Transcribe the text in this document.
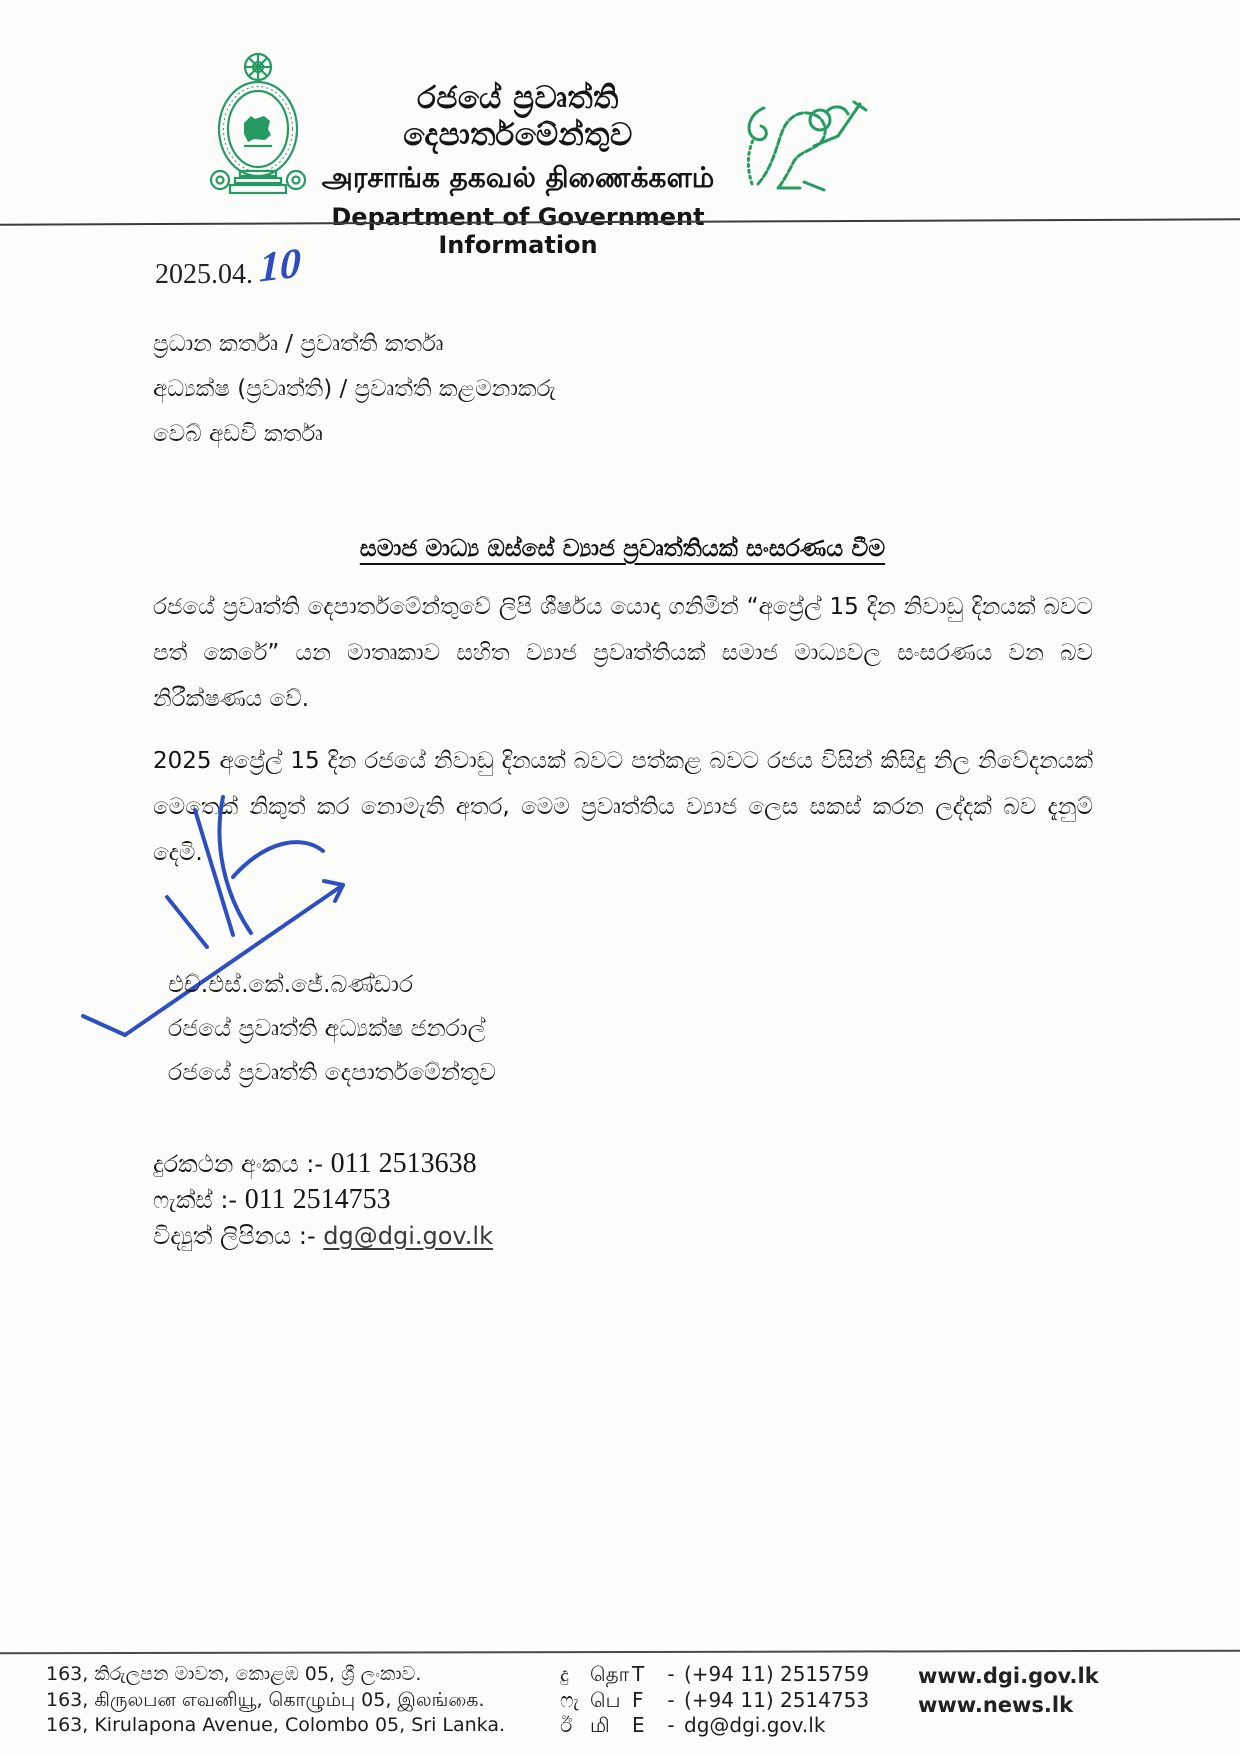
රජයේ ප්‍රවෘත්ති දෙපාර්තමේන්තුව
அரசாங்க தகவல் திணைக்களம்
Department of Government Information
2025.04. 10
ප්‍රධාන කර්තෘ / ප්‍රවෘත්ති කර්තෘ
අධ්‍යක්ෂ (ප්‍රවෘත්ති) / ප්‍රවෘත්ති කළමනාකරු
වෙබ් අඩවි කර්තෘ
සමාජ මාධ්‍ය ඔස්සේ ව්‍යාජ ප්‍රවෘත්තියක් සංසරණය වීම

රජයේ ප්‍රවෘත්ති දෙපාර්තමේන්තුවේ ලිපි ශීර්ෂය යොදා ගනිමින් “අප්‍රේල් 15 දින නිවාඩු දිනයක් බවට පත් කෙරේ” යන මාතෘකාව සහිත ව්‍යාජ ප්‍රවෘත්තියක් සමාජ මාධ්‍යවල සංසරණය වන බව නිරීක්ෂණය වේ.

2025 අප්‍රේල් 15 දින රජයේ නිවාඩු දිනයක් බවට පත්කළ බවට රජය විසින් කිසිදු නිල නිවේදනයක් මෙතෙක් නිකුත් කර නොමැති අතර, මෙම ප්‍රවෘත්තිය ව්‍යාජ ලෙස සකස් කරන ලද්දක් බව දැනුම් දෙමි.

එච්.එස්.කේ.ජේ.බණ්ඩාර
රජයේ ප්‍රවෘත්ති අධ්‍යක්ෂ ජනරාල්
රජයේ ප්‍රවෘත්ති දෙපාර්තමේන්තුව
දුරකථන අංකය :- 011 2513638
ෆැක්ස් :- 011 2514753
විද්‍යුත් ලිපිනය :- dg@dgi.gov.lk
163, කිරුලපන මාවත, කොළඹ 05, ශ්‍රී ලංකාව.
163, கிருலபன எவனியூ, கொழும்பு 05, இலங்கை.
163, Kirulapona Avenue, Colombo 05, Sri Lanka.
දු	தொ T	- (+94 11) 2515759
ෆැ பெ F	- (+94 11) 2514753
ඊ மி	E	- dg@dgi.gov.lk
www.dgi.gov.lk
www.news.lk
